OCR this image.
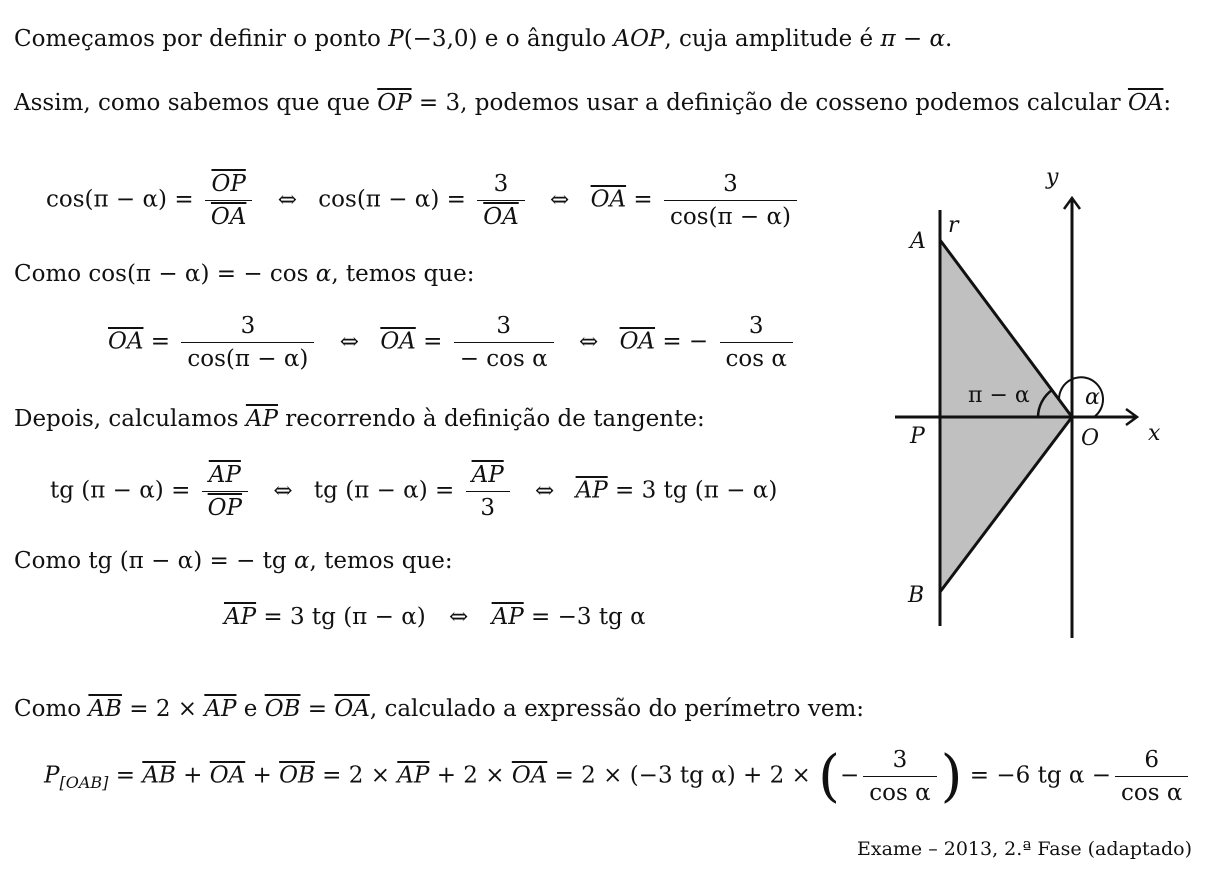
Começamos por definir o ponto P(−3,0) e o ângulo AOP, cuja amplitude é π − α.
Assim, como sabemos que que $\overline{OP} = 3$, podemos usar a definição de cosseno podemos calcular $\overline{OA}$:
$\cos(\pi - \alpha) = \frac{\overline{OP}}{OA}$ ⇔ $\cos(\pi - \alpha) = \frac{3}{OA}$ ⇔ $\overline{OA} = \frac{3}{\cos(\pi - \alpha)}$
Como cos(π − α) = − cos α, temos que:
$\overline{OA} = \frac{3}{\cos(\pi - \alpha)}$ ⇔ $\overline{OA} = \frac{3}{\text{− cos α}}$ ⇔ $\overline{OA}$ = − $\frac{3}{\text{cos α}}$
Depois, calculamos $\overline{AP}$ recorrendo à definição de tangente:
tg $(\pi - \alpha) = \frac{\overline{AP}}{OP}$ ⇔ tg $(\pi - \alpha) = \frac{\overline{AP}}{3}$ ⇔ $\overline{AP} = 3$ tg (π − α)
Como tg (π − α) = − tg α, temos que:
$\overline{AP} = 3$ tg (π − α) ⇔ $\overline{AP} = -3$ tg α
Como $\overline{AB} = 2 \times \overline{AP}$ e $\overline{OB} = \overline{OA}$, calculado a expressão do perímetro vem:
$P_{[OAB]} = \overline{AB} + \overline{OA} + \overline{OB} = 2 \times \overline{AP} + 2 \times \overline{OA} = 2 \times (-3$ tg α) + 2 × (− $\frac{3}{\text{cos α}}$ ) = −6 tg $\alpha - \frac{6}{\text{cos α}}$
Exame – 2013, 2.ª Fase (adaptado)
y
x
r
A
P
B
O
α
π − α
